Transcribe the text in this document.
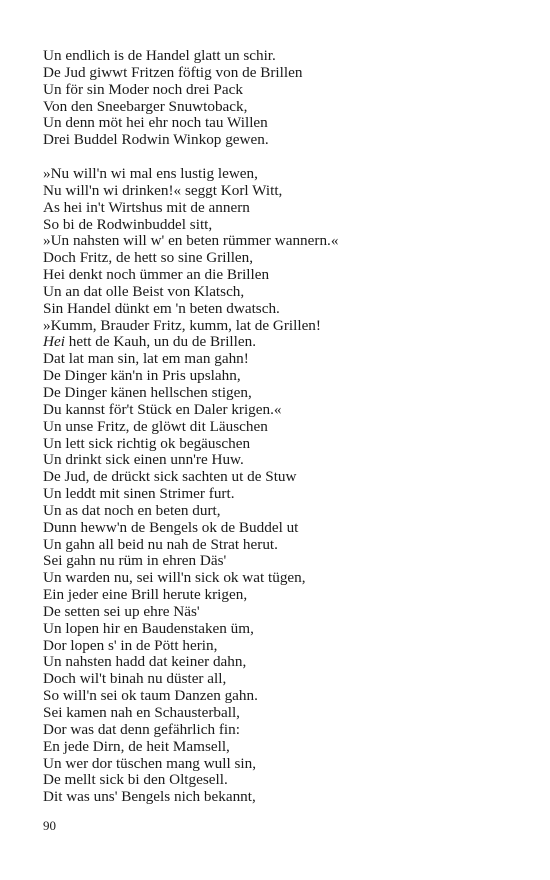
Un endlich is de Handel glatt un schir.
De Jud giwwt Fritzen föftig von de Brillen
Un för sin Moder noch drei Pack
Von den Sneebarger Snuwtoback,
Un denn möt hei ehr noch tau Willen
Drei Buddel Rodwin Winkop gewen.
»Nu will'n wi mal ens lustig lewen,
Nu will'n wi drinken!« seggt Korl Witt,
As hei in't Wirtshus mit de annern
So bi de Rodwinbuddel sitt,
»Un nahsten will w' en beten rümmer wannern.«
Doch Fritz, de hett so sine Grillen,
Hei denkt noch ümmer an die Brillen
Un an dat olle Beist von Klatsch,
Sin Handel dünkt em 'n beten dwatsch.
»Kumm, Brauder Fritz, kumm, lat de Grillen!
Hei hett de Kauh, un du de Brillen.
Dat lat man sin, lat em man gahn!
De Dinger kän'n in Pris upslahn,
De Dinger känen hellschen stigen,
Du kannst för't Stück en Daler krigen.«
Un unse Fritz, de glöwt dit Läuschen
Un lett sick richtig ok begäuschen
Un drinkt sick einen unn're Huw.
De Jud, de drückt sick sachten ut de Stuw
Un leddt mit sinen Strimer furt.
Un as dat noch en beten durt,
Dunn heww'n de Bengels ok de Buddel ut
Un gahn all beid nu nah de Strat herut.
Sei gahn nu rüm in ehren Däs'
Un warden nu, sei will'n sick ok wat tügen,
Ein jeder eine Brill herute krigen,
De setten sei up ehre Näs'
Un lopen hir en Baudenstaken üm,
Dor lopen s' in de Pött herin,
Un nahsten hadd dat keiner dahn,
Doch wil't binah nu düster all,
So will'n sei ok taum Danzen gahn.
Sei kamen nah en Schausterball,
Dor was dat denn gefährlich fin:
En jede Dirn, de heit Mamsell,
Un wer dor tüschen mang wull sin,
De mellt sick bi den Oltgesell.
Dit was uns' Bengels nich bekannt,
90
